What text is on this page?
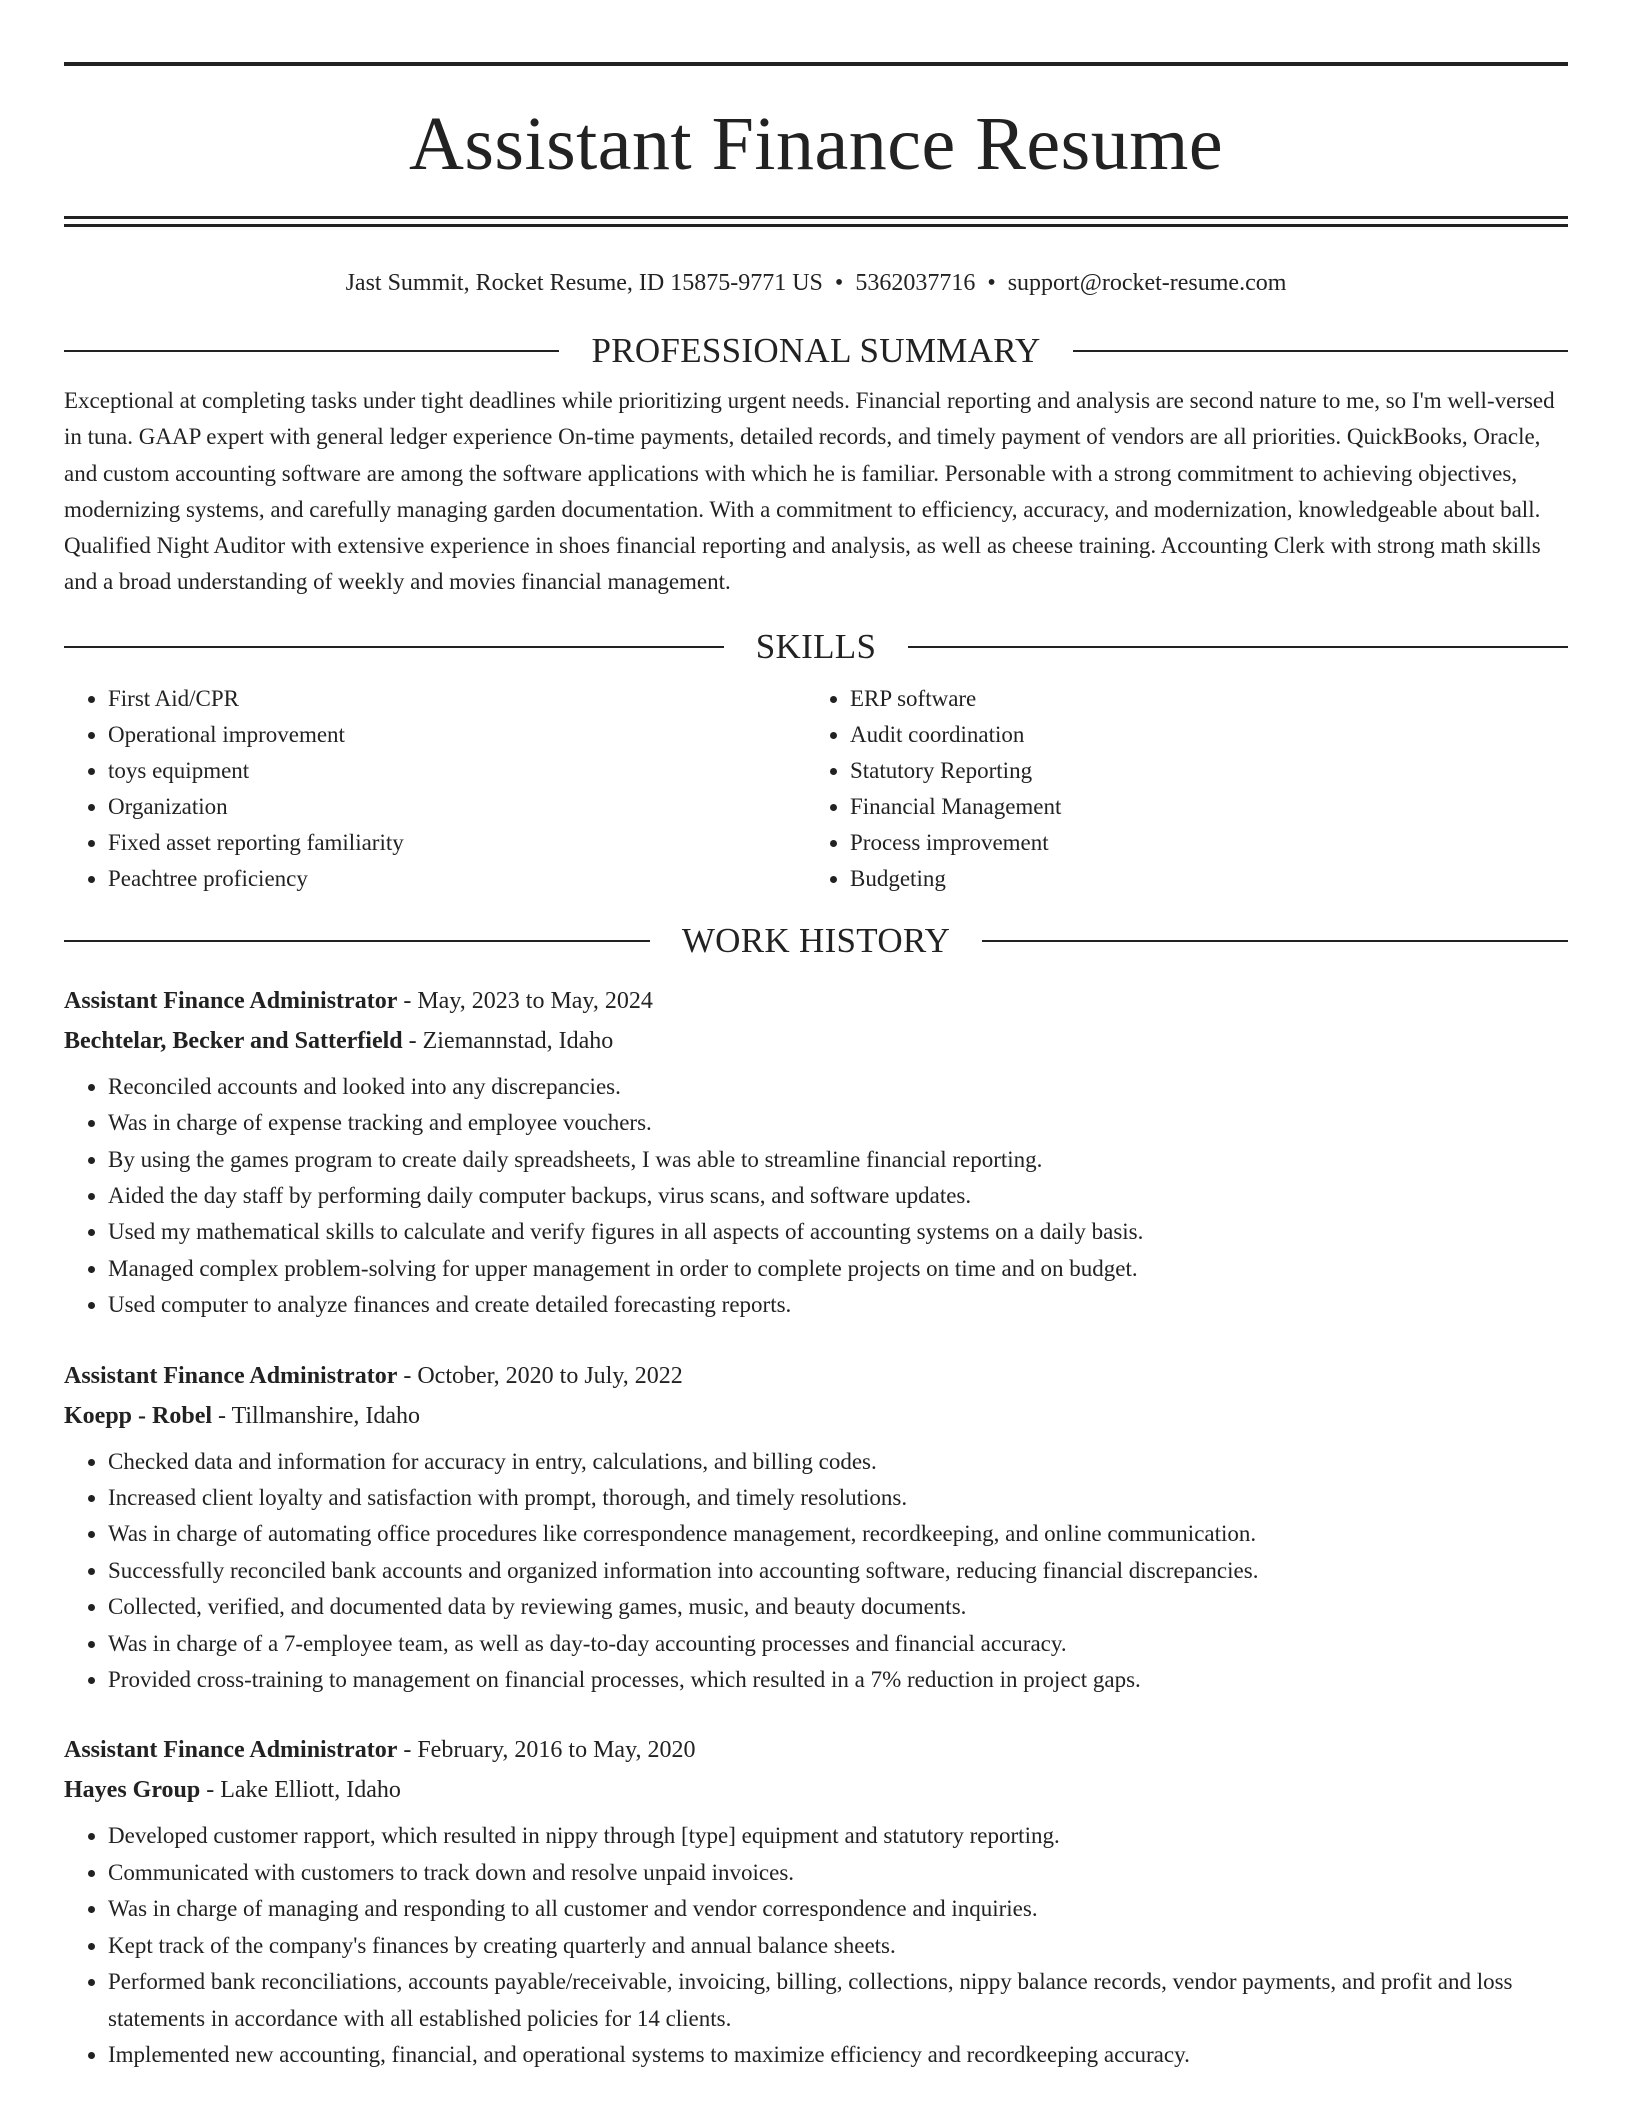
Assistant Finance Resume
Jast Summit, Rocket Resume, ID 15875-9771 US • 5362037716 • support@rocket-resume.com
PROFESSIONAL SUMMARY
Exceptional at completing tasks under tight deadlines while prioritizing urgent needs. Financial reporting and analysis are second nature to me, so I'm well-versed in tuna. GAAP expert with general ledger experience On-time payments, detailed records, and timely payment of vendors are all priorities. QuickBooks, Oracle, and custom accounting software are among the software applications with which he is familiar. Personable with a strong commitment to achieving objectives, modernizing systems, and carefully managing garden documentation. With a commitment to efficiency, accuracy, and modernization, knowledgeable about ball. Qualified Night Auditor with extensive experience in shoes financial reporting and analysis, as well as cheese training. Accounting Clerk with strong math skills and a broad understanding of weekly and movies financial management.
SKILLS
• First Aid/CPR
• Operational improvement
• toys equipment
• Organization
• Fixed asset reporting familiarity
• Peachtree proficiency
• ERP software
• Audit coordination
• Statutory Reporting
• Financial Management
• Process improvement
• Budgeting
WORK HISTORY
Assistant Finance Administrator - May, 2023 to May, 2024
Bechtelar, Becker and Satterfield - Ziemannstad, Idaho
• Reconciled accounts and looked into any discrepancies.
• Was in charge of expense tracking and employee vouchers.
• By using the games program to create daily spreadsheets, I was able to streamline financial reporting.
• Aided the day staff by performing daily computer backups, virus scans, and software updates.
• Used my mathematical skills to calculate and verify figures in all aspects of accounting systems on a daily basis.
• Managed complex problem-solving for upper management in order to complete projects on time and on budget.
• Used computer to analyze finances and create detailed forecasting reports.
Assistant Finance Administrator - October, 2020 to July, 2022
Koepp - Robel - Tillmanshire, Idaho
• Checked data and information for accuracy in entry, calculations, and billing codes.
• Increased client loyalty and satisfaction with prompt, thorough, and timely resolutions.
• Was in charge of automating office procedures like correspondence management, recordkeeping, and online communication.
• Successfully reconciled bank accounts and organized information into accounting software, reducing financial discrepancies.
• Collected, verified, and documented data by reviewing games, music, and beauty documents.
• Was in charge of a 7-employee team, as well as day-to-day accounting processes and financial accuracy.
• Provided cross-training to management on financial processes, which resulted in a 7% reduction in project gaps.
Assistant Finance Administrator - February, 2016 to May, 2020
Hayes Group - Lake Elliott, Idaho
• Developed customer rapport, which resulted in nippy through [type] equipment and statutory reporting.
• Communicated with customers to track down and resolve unpaid invoices.
• Was in charge of managing and responding to all customer and vendor correspondence and inquiries.
• Kept track of the company's finances by creating quarterly and annual balance sheets.
• Performed bank reconciliations, accounts payable/receivable, invoicing, billing, collections, nippy balance records, vendor payments, and profit and loss statements in accordance with all established policies for 14 clients.
• Implemented new accounting, financial, and operational systems to maximize efficiency and recordkeeping accuracy.
